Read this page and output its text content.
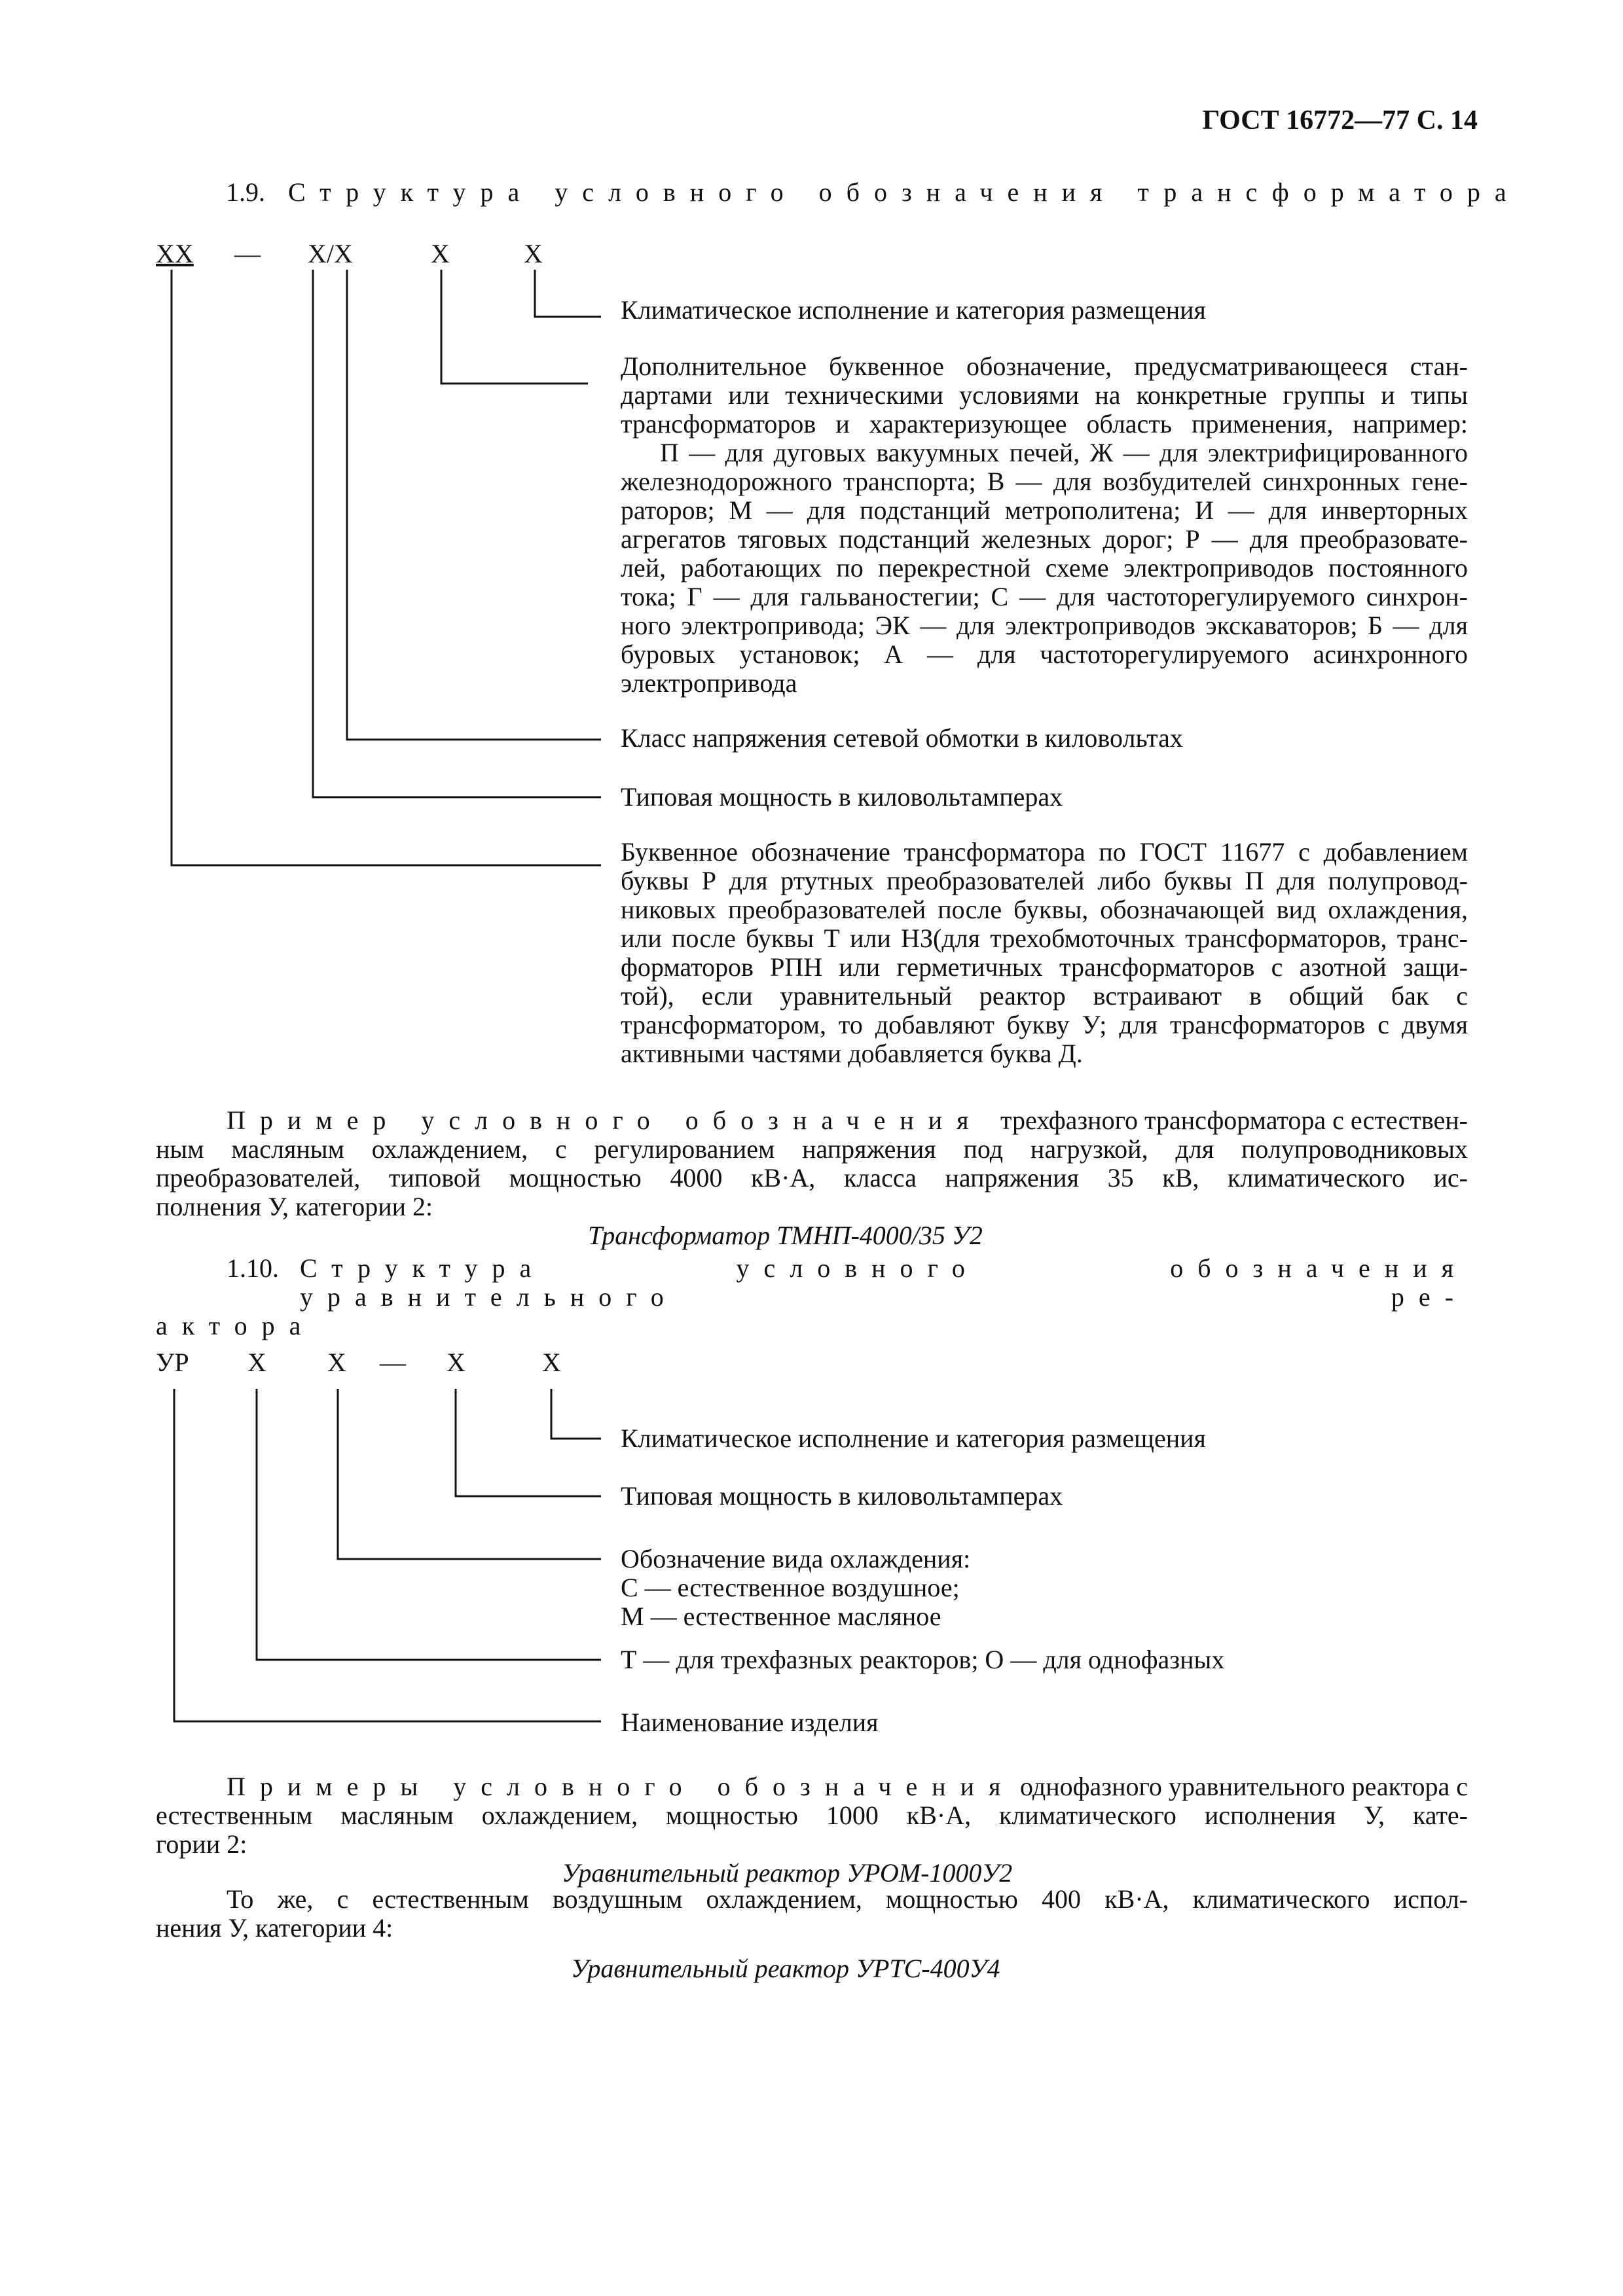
ГОСТ 16772—77 С. 14
1.9. Структура условного обозначения трансформатора
ХХ — Х/Х	Х	Х
Климатическое исполнение и категория размещения
Дополнительное буквенное обозначение, предусматривающееся стан-
дартами или техническими условиями на конкретные группы и типы
трансформаторов и характеризующее область применения, например:
П — для дуговых вакуумных печей, Ж — для электрифицированного
железнодорожного транспорта; В — для возбудителей синхронных гене-
раторов; М — для подстанций метрополитена; И — для инверторных
агрегатов тяговых подстанций железных дорог; Р — для преобразовате-
лей, работающих по перекрестной схеме электроприводов постоянного
тока; Г — для гальваностегии; С — для частоторегулируемого синхрон-
ного электропривода; ЭК — для электроприводов экскаваторов; Б — для
буровых установок; А — для частоторегулируемого асинхронного
электропривода
Класс напряжения сетевой обмотки в киловольтах
Типовая мощность в киловольтамперах
Буквенное обозначение трансформатора по ГОСТ 11677 с добавлением
буквы Р для ртутных преобразователей либо буквы П для полупровод-
никовых преобразователей после буквы, обозначающей вид охлаждения,
или после буквы Т или НЗ(для трехобмоточных трансформаторов, транс-
форматоров РПН или герметичных трансформаторов с азотной защи-
той), если уравнительный реактор встраивают в общий бак с
трансформатором, то добавляют букву У; для трансформаторов с двумя
активными частями добавляется буква Д.
Пример условного обозначения трехфазного трансформатора с естествен-
ным масляным охлаждением, с регулированием напряжения под нагрузкой, для полупроводниковых
преобразователей, типовой мощностью 4000 кВ·А, класса напряжения 35 кВ, климатического ис-
полнения У, категории 2:
Трансформатор ТМНП-4000/35 У2
1.10. Структура условного обозначения уравнительного ре-
актора
УР Х Х — Х	Х
Климатическое исполнение и категория размещения
Типовая мощность в киловольтамперах
Обозначение вида охлаждения:
С — естественное воздушное;
М — естественное масляное
Т — для трехфазных реакторов; О — для однофазных
Наименование изделия
Примеры условного обозначения однофазного уравнительного реактора с
естественным масляным охлаждением, мощностью 1000 кВ·А, климатического исполнения У, кате-
гории 2:
Уравнительный реактор УРОМ-1000У2
То же, с естественным воздушным охлаждением, мощностью 400 кВ·А, климатического испол-
нения У, категории 4:
Уравнительный реактор УРТС-400У4
